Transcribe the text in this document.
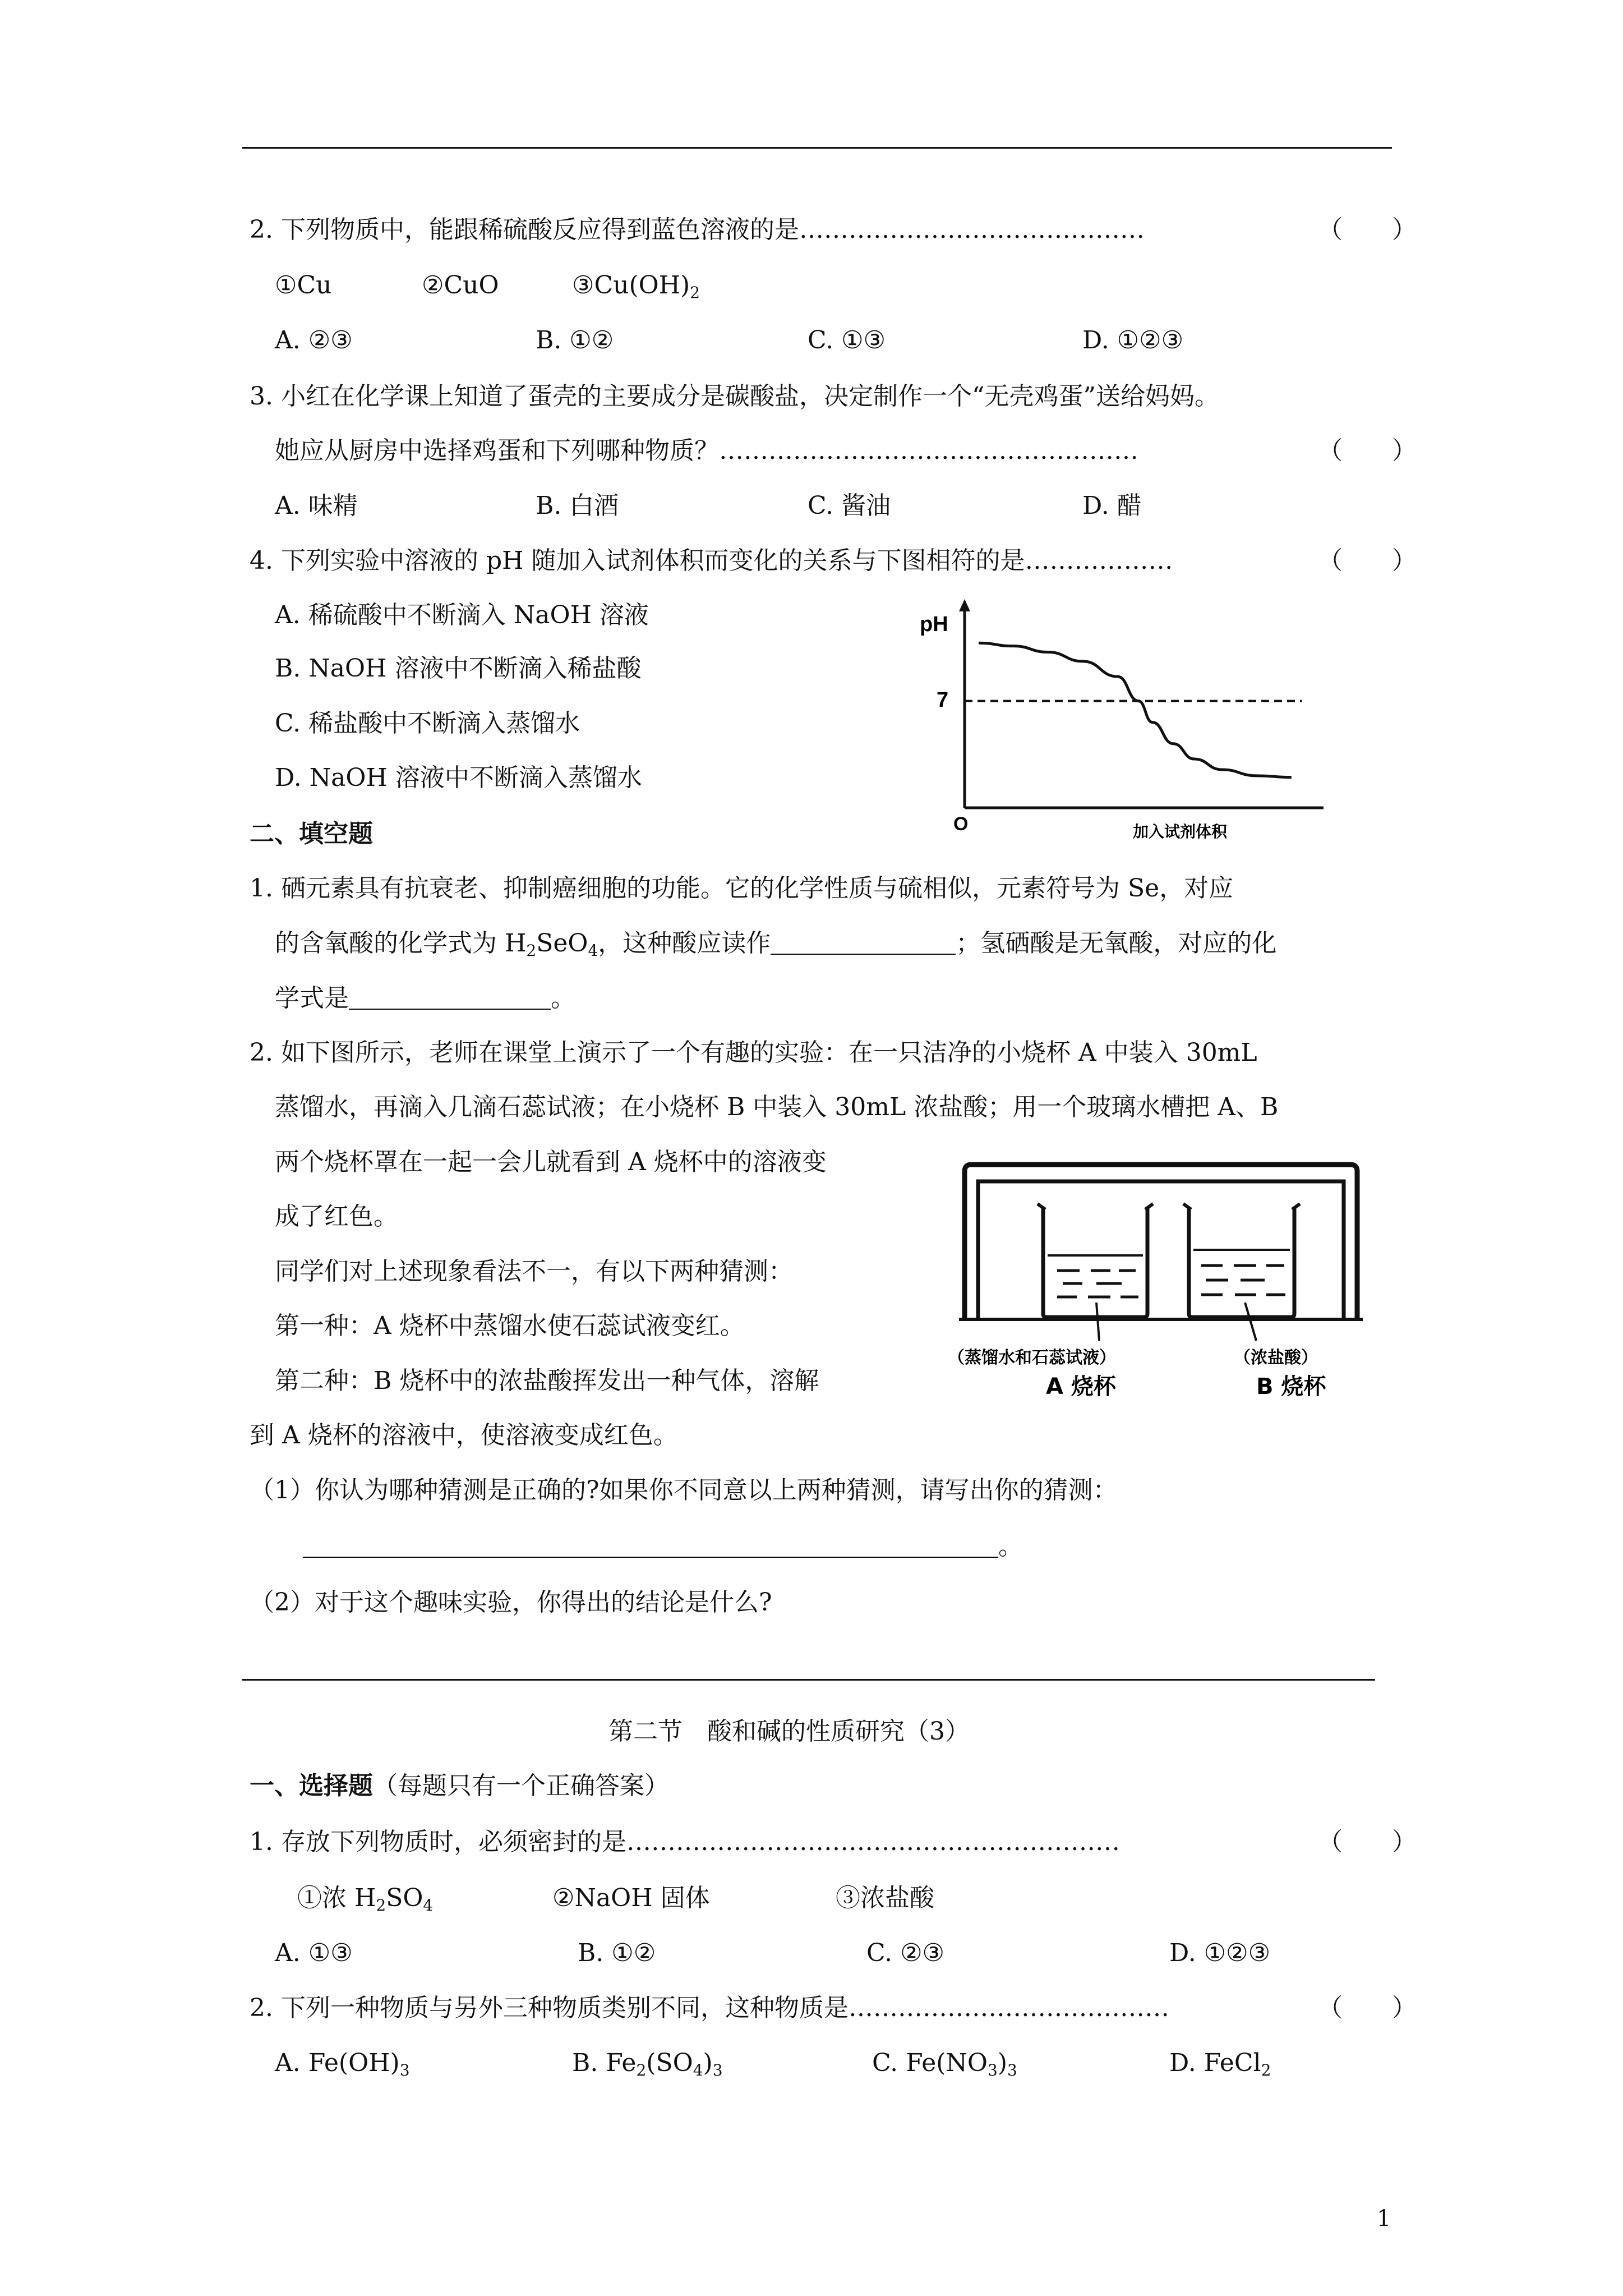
2. 下列物质中，能跟稀硫酸反应得到蓝色溶液的是……………………………………	（　　）
①Cu	②CuO	$③Cu(OH)_2$
A. ②③	B. ①②	C. ①③	D. ①②③
3. 小红在化学课上知道了蛋壳的主要成分是碳酸盐，决定制作一个“无壳鸡蛋”送给妈妈。
她应从厨房中选择鸡蛋和下列哪种物质？……………………………………………	（　　）
A. 味精	B. 白酒	C. 酱油	D. 醋
4. 下列实验中溶液的 pH 随加入试剂体积而变化的关系与下图相符的是………………	（　　）
A. 稀硫酸中不断滴入 NaOH 溶液
B. NaOH 溶液中不断滴入稀盐酸
C. 稀盐酸中不断滴入蒸馏水
D. NaOH 溶液中不断滴入蒸馏水
pH
7
O	加入试剂体积
二、填空题
1. 硒元素具有抗衰老、抑制癌细胞的功能。它的化学性质与硫相似，元素符号为 Se，对应
的含氧酸的化学式为 $H_2SeO_4$，这种酸应读作	；氢硒酸是无氧酸，对应的化
学式是	。
2. 如下图所示，老师在课堂上演示了一个有趣的实验：在一只洁净的小烧杯 A 中装入 30mL
蒸馏水，再滴入几滴石蕊试液；在小烧杯 B 中装入 30mL 浓盐酸；用一个玻璃水槽把 A、B
两个烧杯罩在一起一会儿就看到 A 烧杯中的溶液变
成了红色。
同学们对上述现象看法不一，有以下两种猜测：
第一种：A 烧杯中蒸馏水使石蕊试液变红。
第二种：B 烧杯中的浓盐酸挥发出一种气体，溶解
到 A 烧杯的溶液中，使溶液变成红色。
（1）你认为哪种猜测是正确的?如果你不同意以上两种猜测，请写出你的猜测：
。
（2）对于这个趣味实验，你得出的结论是什么?
（蒸馏水和石蕊试液）	（浓盐酸）
A 烧杯	B 烧杯
第二节　酸和碱的性质研究（3）
一、选择题（每题只有一个正确答案）
1. 存放下列物质时，必须密封的是……………………………………………………	（　　）
①浓 $H_2SO_4$	②NaOH 固体	③浓盐酸
A. ①③	B. ①②	C. ②③	D. ①②③
2. 下列一种物质与另外三种物质类别不同，这种物质是…………………………………	（　　）
A. $Fe(OH)_3$	B. $Fe_2(SO_4)_3$	C. $Fe(NO_3)_3$	D. FeCl$_2$
1
